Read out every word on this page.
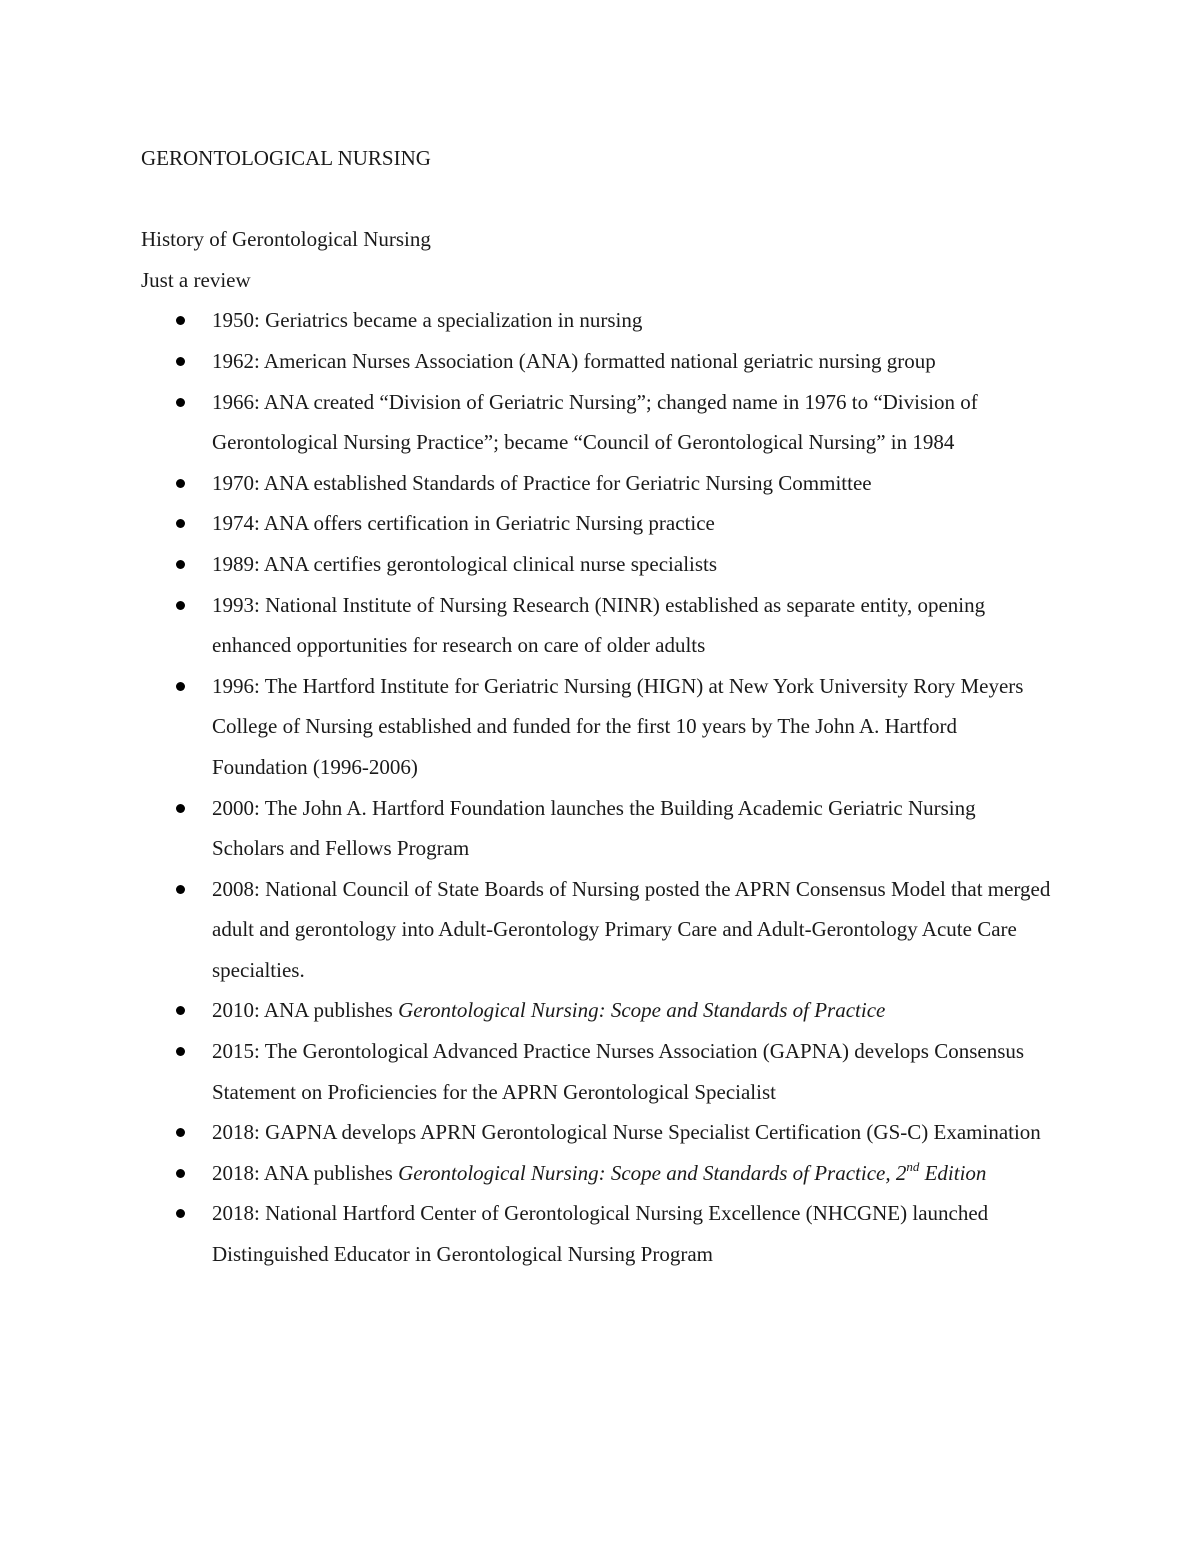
GERONTOLOGICAL NURSING

History of Gerontological Nursing

Just a review

1950: Geriatrics became a specialization in nursing
1962: American Nurses Association (ANA) formatted national geriatric nursing group
1966: ANA created “Division of Geriatric Nursing”; changed name in 1976 to “Division of Gerontological Nursing Practice”; became “Council of Gerontological Nursing” in 1984
1970: ANA established Standards of Practice for Geriatric Nursing Committee
1974: ANA offers certification in Geriatric Nursing practice
1989: ANA certifies gerontological clinical nurse specialists
1993: National Institute of Nursing Research (NINR) established as separate entity, opening enhanced opportunities for research on care of older adults
1996: The Hartford Institute for Geriatric Nursing (HIGN) at New York University Rory Meyers College of Nursing established and funded for the first 10 years by The John A. Hartford Foundation (1996-2006)
2000: The John A. Hartford Foundation launches the Building Academic Geriatric Nursing Scholars and Fellows Program
2008: National Council of State Boards of Nursing posted the APRN Consensus Model that merged adult and gerontology into Adult-Gerontology Primary Care and Adult-Gerontology Acute Care specialties.
2010: ANA publishes Gerontological Nursing: Scope and Standards of Practice
2015: The Gerontological Advanced Practice Nurses Association (GAPNA) develops Consensus Statement on Proficiencies for the APRN Gerontological Specialist
2018: GAPNA develops APRN Gerontological Nurse Specialist Certification (GS-C) Examination
2018: ANA publishes Gerontological Nursing: Scope and Standards of Practice, 2nd Edition
2018: National Hartford Center of Gerontological Nursing Excellence (NHCGNE) launched Distinguished Educator in Gerontological Nursing Program
